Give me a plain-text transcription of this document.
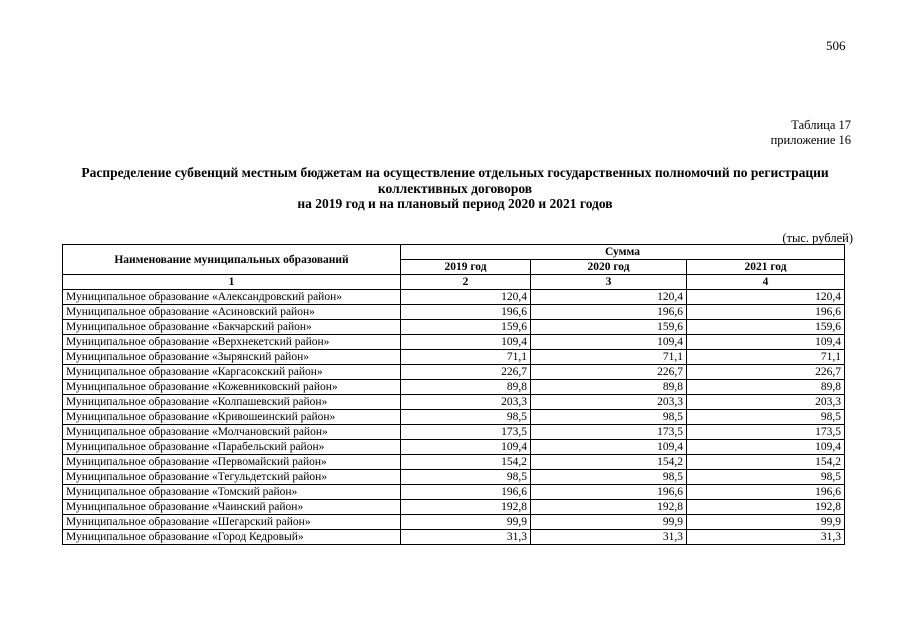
506
Таблица 17
приложение 16
Распределение субвенций местным бюджетам на осуществление отдельных государственных полномочий по регистрации
коллективных договоров
на 2019 год и на плановый период 2020 и 2021 годов
(тыс. рублей)
Наименование муниципальных образований	Сумма		
	2019 год	2020 год	2021 год
1	2	3	4
Муниципальное образование «Александровский район»	120,4	120,4	120,4
Муниципальное образование «Асиновский район»	196,6	196,6	196,6
Муниципальное образование «Бакчарский район»	159,6	159,6	159,6
Муниципальное образование «Верхнекетский район»	109,4	109,4	109,4
Муниципальное образование «Зырянский район»	71,1	71,1	71,1
Муниципальное образование «Каргасокский район»	226,7	226,7	226,7
Муниципальное образование «Кожевниковский район»	89,8	89,8	89,8
Муниципальное образование «Колпашевский район»	203,3	203,3	203,3
Муниципальное образование «Кривошеинский район»	98,5	98,5	98,5
Муниципальное образование «Молчановский район»	173,5	173,5	173,5
Муниципальное образование «Парабельский район»	109,4	109,4	109,4
Муниципальное образование «Первомайский район»	154,2	154,2	154,2
Муниципальное образование «Тегульдетский район»	98,5	98,5	98,5
Муниципальное образование «Томский район»	196,6	196,6	196,6
Муниципальное образование «Чаинский район»	192,8	192,8	192,8
Муниципальное образование «Шегарский район»	99,9	99,9	99,9
Муниципальное образование «Город Кедровый»	31,3	31,3	31,3
